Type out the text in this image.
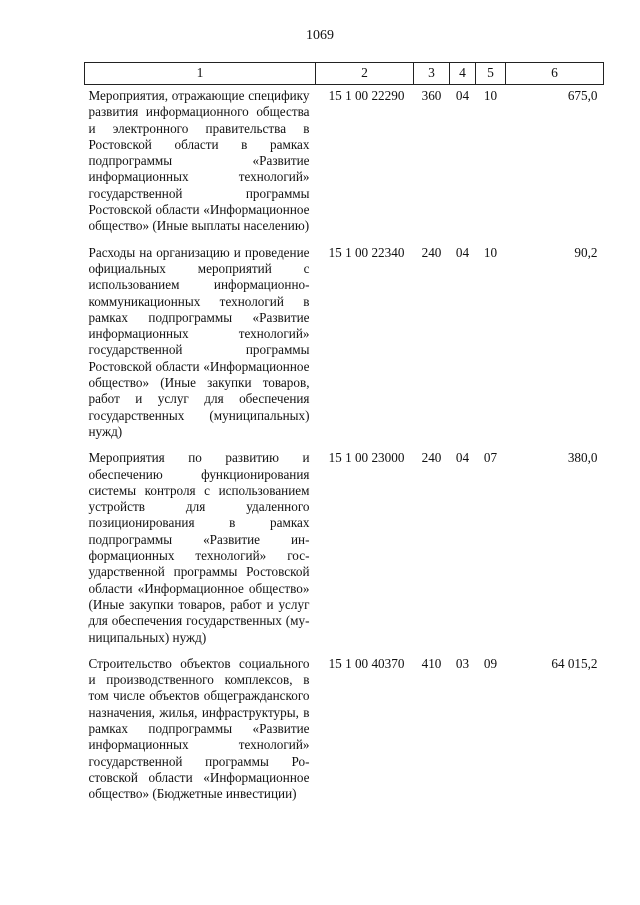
1069
1	2	3	4	5	6
Мероприятия, отражающие специфику развития информационного общества и электронного правительства в Ростовской области в рамках подпрограммы «Развитие информационных технологий» государственной программы Ростовской области «Информационное общество» (Иные выплаты населению)	15 1 00 22290	360	04	10	675,0
Расходы на организацию и проведение официальных мероприятий с использованием информационно-коммуникационных технологий в рамках подпрограммы «Развитие информационных технологий» государственной программы Ростовской области «Информационное общество» (Иные закупки товаров, работ и услуг для обеспечения государственных (муниципальных) нужд)	15 1 00 22340	240	04	10	90,2
Мероприятия по развитию и обеспечению функционирования системы контроля с использованием устройств для удаленного позиционирования в рамках подпрограммы «Развитие информационных технологий» государственной программы Ростовской области «Информационное общество» (Иные закупки товаров, работ и услуг для обеспечения государственных (муниципальных) нужд)	15 1 00 23000	240	04	07	380,0
Строительство объектов социального и производственного комплексов, в том числе объектов общегражданского назначения, жилья, инфраструктуры, в рамках подпрограммы «Развитие информационных технологий» государственной программы Ростовской области «Информационное общество» (Бюджетные инвестиции)	15 1 00 40370	410	03	09	64 015,2
